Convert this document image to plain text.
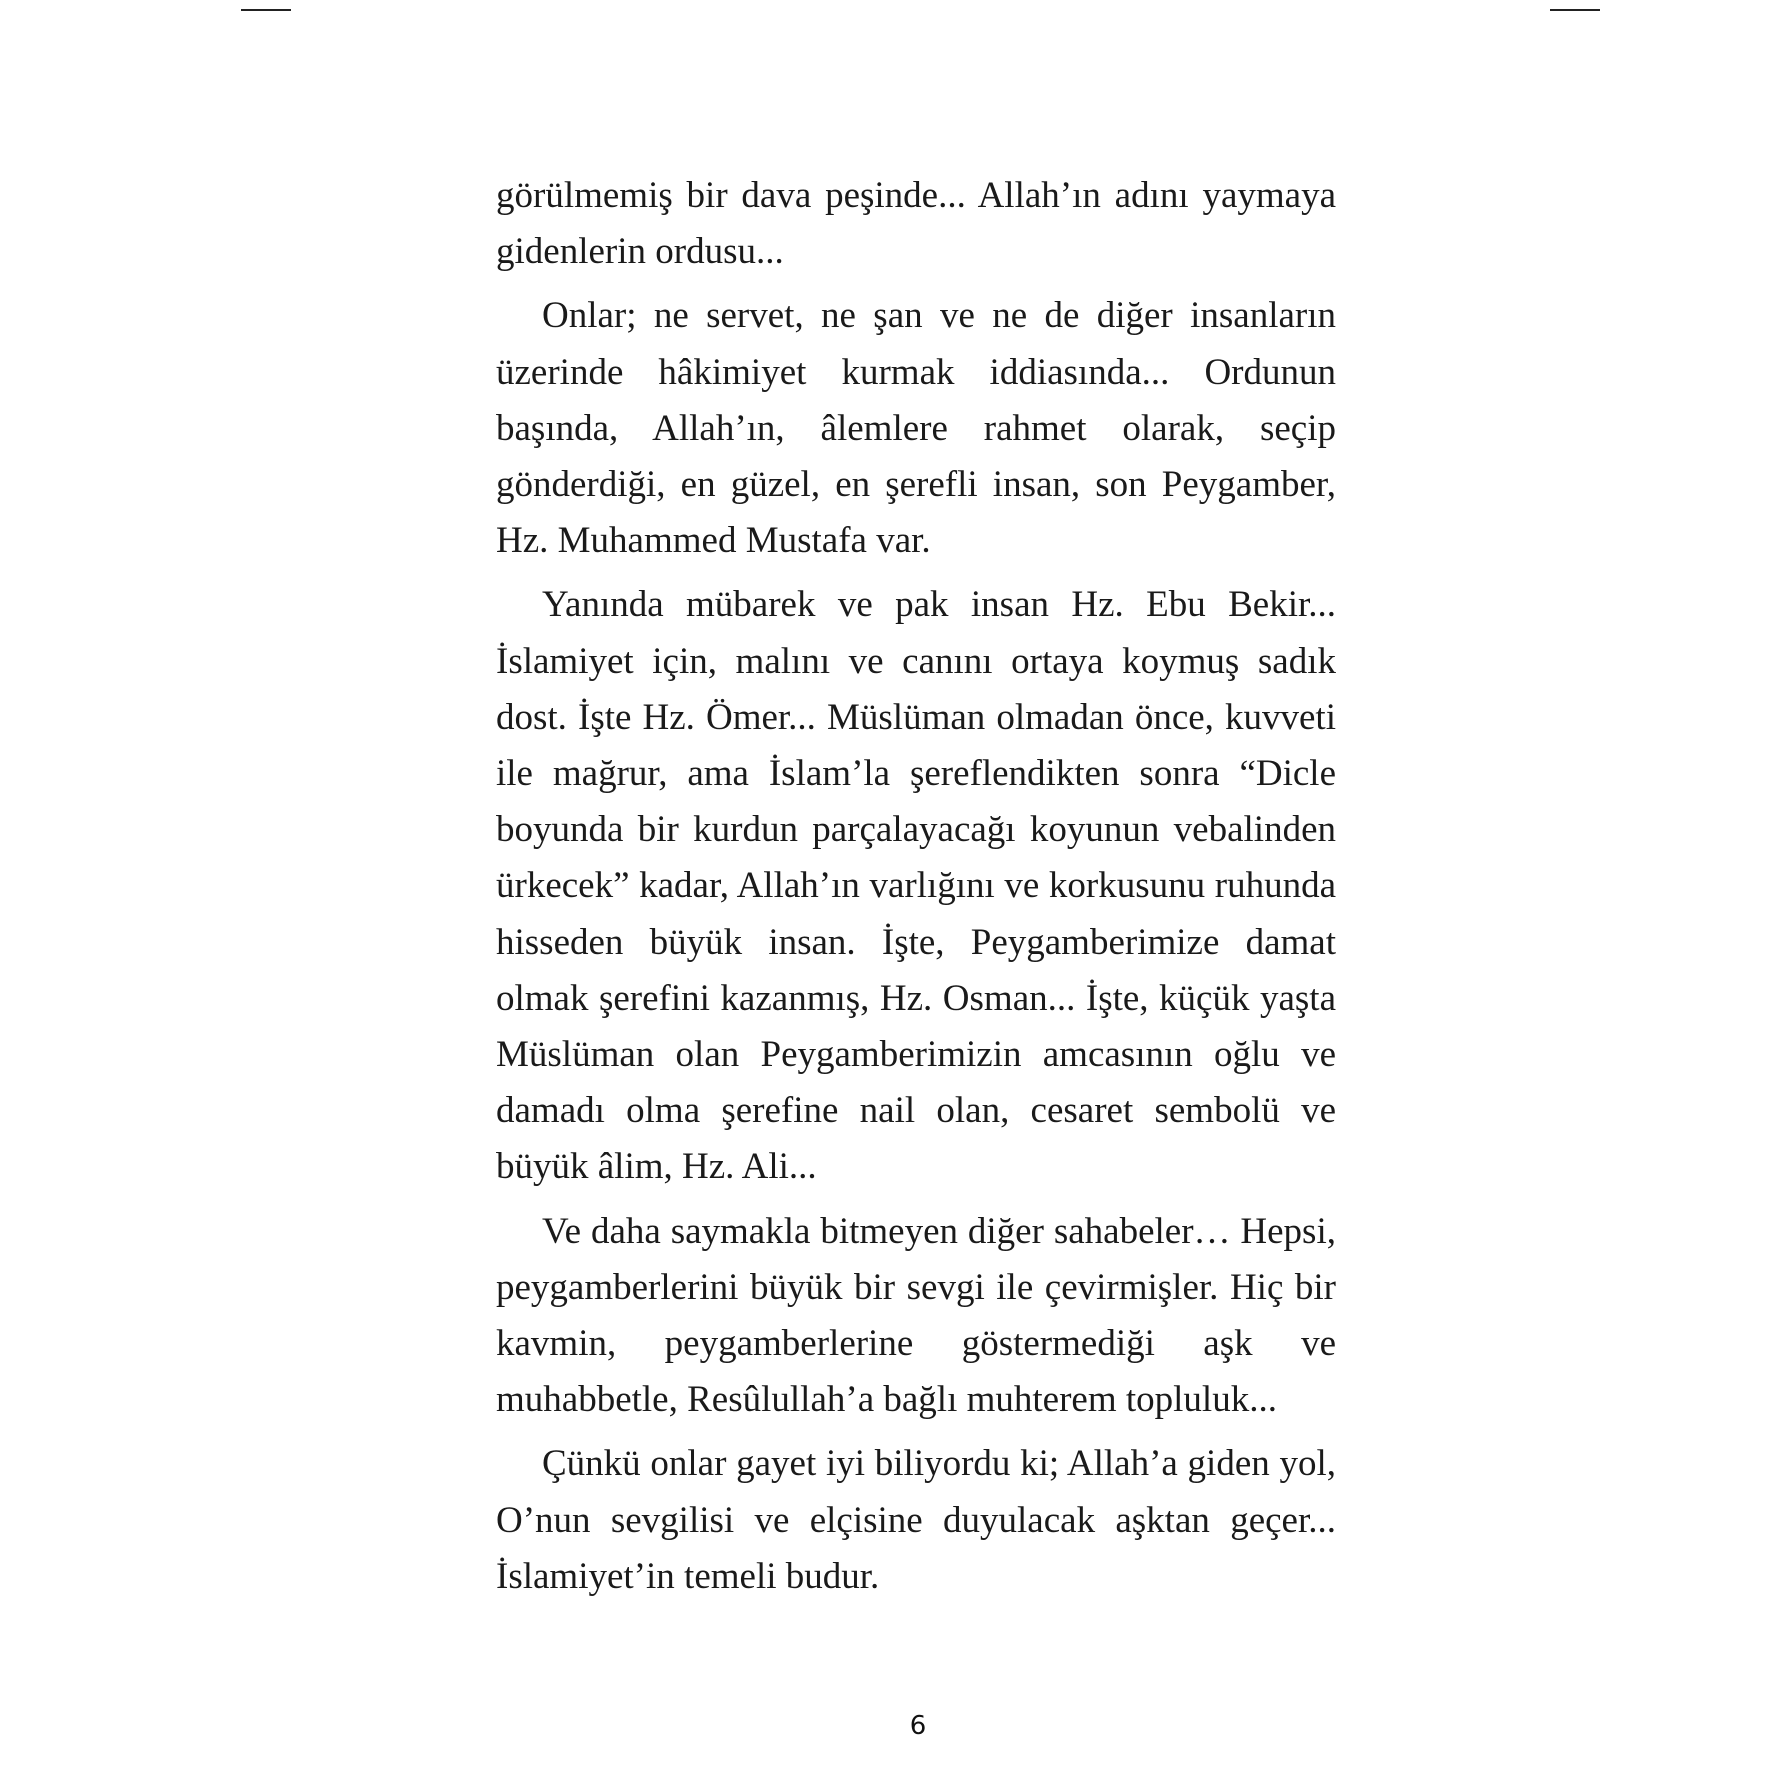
görülmemiş bir dava peşinde... Allah’ın adını yaymaya gidenlerin ordusu...

Onlar; ne servet, ne şan ve ne de diğer insanların üzerinde hâkimiyet kurmak iddiasında... Ordunun başında, Allah’ın, âlemlere rahmet olarak, seçip gönderdiği, en güzel, en şerefli insan, son Peygamber, Hz. Muhammed Mustafa var.

Yanında mübarek ve pak insan Hz. Ebu Bekir... İslamiyet için, malını ve canını ortaya koymuş sadık dost. İşte Hz. Ömer... Müslüman olmadan önce, kuvveti ile mağrur, ama İslam’la şereflendikten sonra “Dicle boyunda bir kurdun parçalayacağı koyunun vebalinden ürkecek” kadar, Allah’ın varlığını ve korkusunu ruhunda hisseden büyük insan. İşte, Peygamberimize damat olmak şerefini kazanmış, Hz. Osman... İşte, küçük yaşta Müslüman olan Peygamberimizin amcasının oğlu ve damadı olma şerefine nail olan, cesaret sembolü ve büyük âlim, Hz. Ali...

Ve daha saymakla bitmeyen diğer sahabeler… Hepsi, peygamberlerini büyük bir sevgi ile çevirmişler. Hiç bir kavmin, peygamberlerine göstermediği aşk ve muhabbetle, Resûlullah’a bağlı muhterem topluluk...

Çünkü onlar gayet iyi biliyordu ki; Allah’a giden yol, O’nun sevgilisi ve elçisine duyulacak aşktan geçer... İslamiyet’in temeli budur.

6
